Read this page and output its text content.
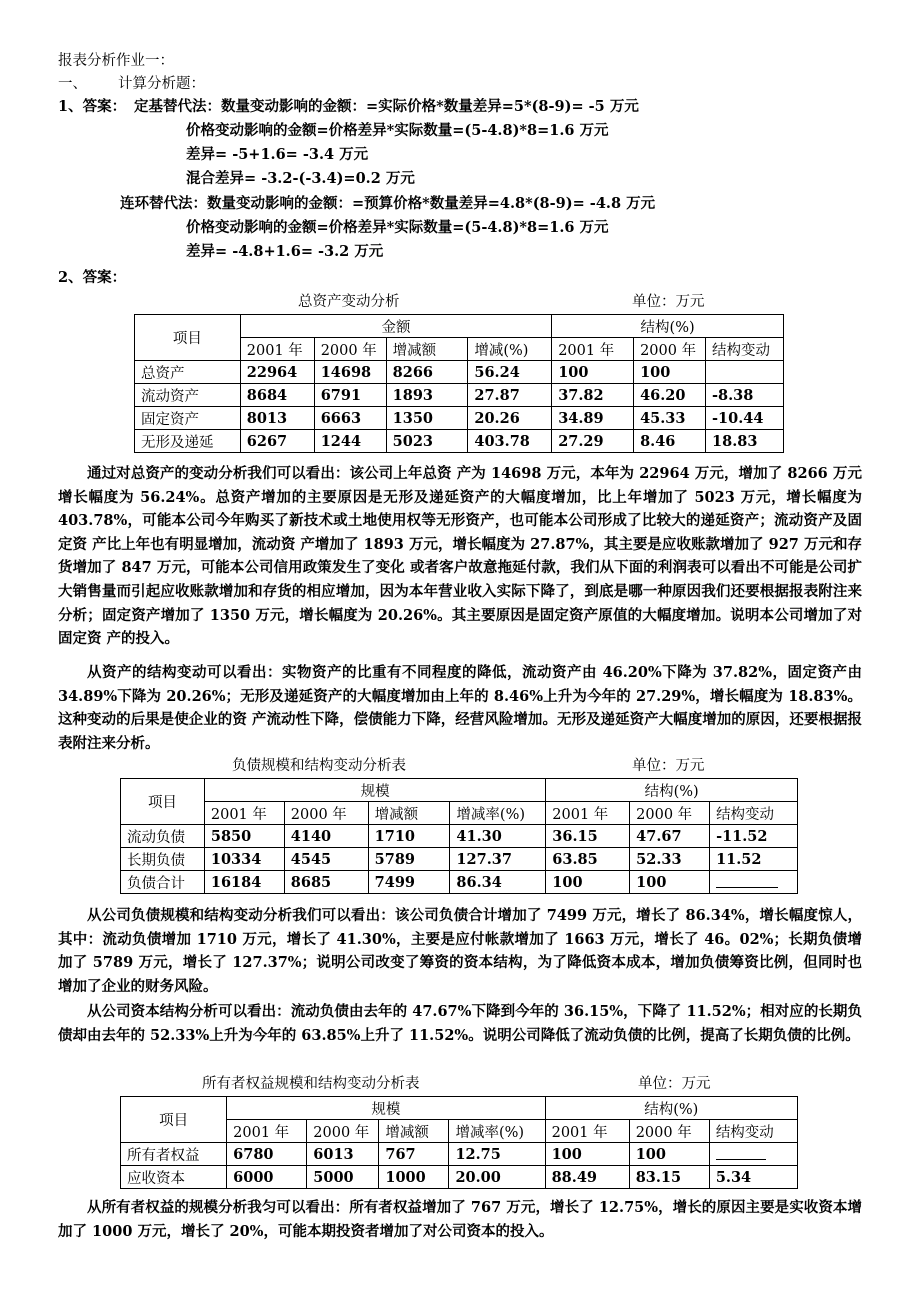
报表分析作业一：
一、 计算分析题：
1、答案： 定基替代法：数量变动影响的金额：=实际价格*数量差异=5*(8-9)= -5 万元
价格变动影响的金额=价格差异*实际数量=(5-4.8)*8=1.6 万元
差异= -5+1.6= -3.4 万元
混合差异= -3.2-(-3.4)=0.2 万元
连环替代法：数量变动影响的金额：=预算价格*数量差异=4.8*(8-9)= -4.8 万元
价格变动影响的金额=价格差异*实际数量=(5-4.8)*8=1.6 万元
差异= -4.8+1.6= -3.2 万元
2、答案：
总资产变动分析	单位：万元
项目	金额				结构(%)		
	2001 年	2000 年	增减额	增减(%)	2001 年	2000 年	结构变动
总资产	22964	14698	8266	56.24	100	100	
流动资产	8684	6791	1893	27.87	37.82	46.20	-8.38
固定资产	8013	6663	1350	20.26	34.89	45.33	-10.44
无形及递延	6267	1244	5023	403.78	27.29	8.46	18.83
通过对总资产的变动分析我们可以看出：该公司上年总资 产为 14698 万元，本年为 22964 万元，增加了 8266 万元增长幅度为 56.24%。总资产增加的主要原因是无形及递延资产的大幅度增加，比上年增加了 5023 万元，增长幅度为 403.78%，可能本公司今年购买了新技术或土地使用权等无形资产，也可能本公司形成了比较大的递延资产；流动资产及固定资 产比上年也有明显增加，流动资 产增加了 1893 万元，增长幅度为 27.87%，其主要是应收账款增加了 927 万元和存货增加了 847 万元，可能本公司信用政策发生了变化 或者客户故意拖延付款，我们从下面的利润表可以看出不可能是公司扩大销售量而引起应收账款增加和存货的相应增加，因为本年营业收入实际下降了，到底是哪一种原因我们还要根据报表附注来分析；固定资产增加了 1350 万元，增长幅度为 20.26%。其主要原因是固定资产原值的大幅度增加。说明本公司增加了对固定资 产的投入。
从资产的结构变动可以看出：实物资产的比重有不同程度的降低，流动资产由 46.20%下降为 37.82%，固定资产由 34.89%下降为 20.26%；无形及递延资产的大幅度增加由上年的 8.46%上升为今年的 27.29%，增长幅度为 18.83%。这种变动的后果是使企业的资 产流动性下降，偿债能力下降，经营风险增加。无形及递延资产大幅度增加的原因，还要根据报表附注来分析。
负债规模和结构变动分析表	单位：万元
项目	规模				结构(%)		
	2001 年	2000 年	增减额	增减率(%)	2001 年	2000 年	结构变动
流动负债	5850	4140	1710	41.30	36.15	47.67	-11.52
长期负债	10334	4545	5789	127.37	63.85	52.33	11.52
负债合计	16184	8685	7499	86.34	100	100	
从公司负债规模和结构变动分析我们可以看出：该公司负债合计增加了 7499 万元，增长了 86.34%，增长幅度惊人，其中：流动负债增加 1710 万元，增长了 41.30%，主要是应付帐款增加了 1663 万元，增长了 46。02%；长期负债增加了 5789 万元，增长了 127.37%；说明公司改变了筹资的资本结构，为了降低资本成本，增加负债筹资比例，但同时也增加了企业的财务风险。
从公司资本结构分析可以看出：流动负债由去年的 47.67%下降到今年的 36.15%，下降了 11.52%；相对应的长期负债却由去年的 52.33%上升为今年的 63.85%上升了 11.52%。说明公司降低了流动负债的比例，提高了长期负债的比例。
所有者权益规模和结构变动分析表	单位：万元
项目	规模				结构(%)		
	2001 年	2000 年	增减额	增减率(%)	2001 年	2000 年	结构变动
所有者权益	6780	6013	767	12.75	100	100	
应收资本	6000	5000	1000	20.00	88.49	83.15	5.34
从所有者权益的规模分析我匀可以看出：所有者权益增加了 767 万元，增长了 12.75%，增长的原因主要是实收资本增加了 1000 万元，增长了 20%，可能本期投资者增加了对公司资本的投入。
